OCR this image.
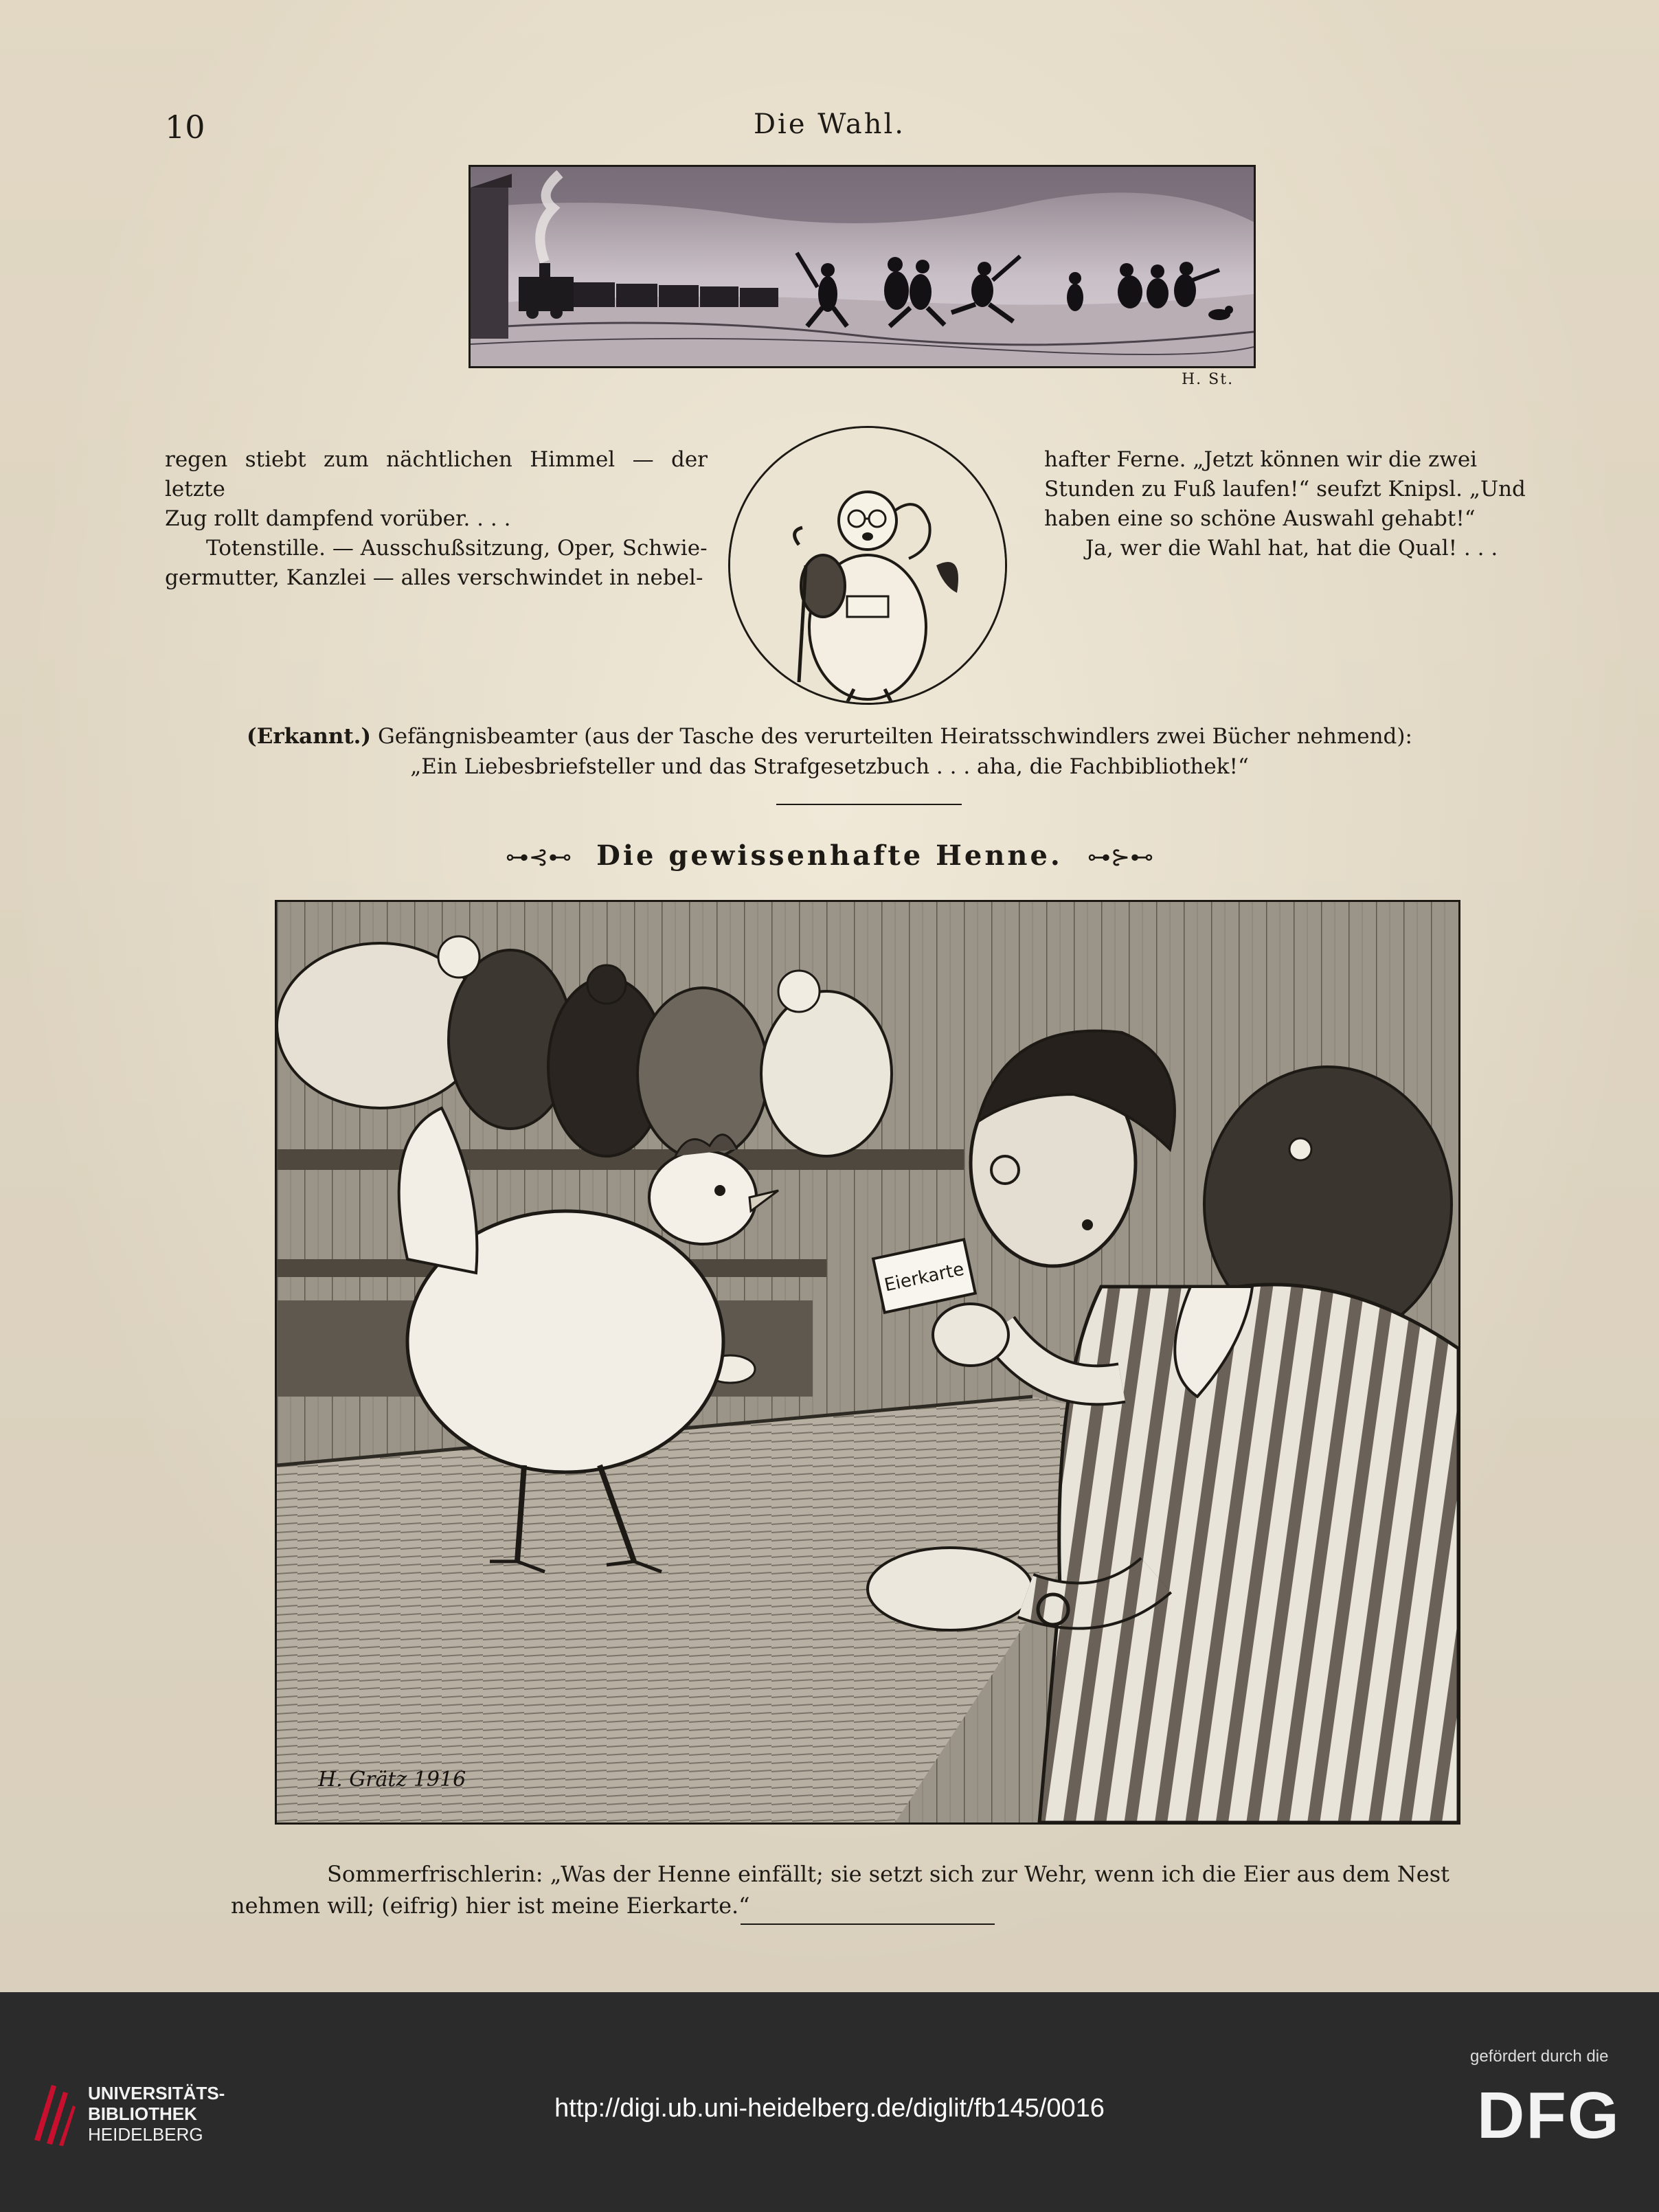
10	Die Wahl.
H. St.

regen stiebt zum nächtlichen Himmel — der letzte

Zug rollt dampfend vorüber. . . .

Totenstille. — Ausschußsitzung, Oper, Schwie-

germutter, Kanzlei — alles verschwindet in nebel-

hafter Ferne. „Jetzt können wir die zwei

Stunden zu Fuß laufen!“ seufzt Knipsl. „Und

haben eine so schöne Auswahl gehabt!“

Ja, wer die Wahl hat, hat die Qual! . . .

(Erkannt.) Gefängnisbeamter (aus der Tasche des verurteilten Heiratsschwindlers zwei Bücher nehmend):
„Ein Liebesbriefsteller und das Strafgesetzbuch . . . aha, die Fachbibliothek!“
⊶⊰⊷ Die gewissenhafte Henne. ⊶⊱⊷
Eierkarte
H. Grätz 1916

Sommerfrischlerin: „Was der Henne einfällt; sie setzt sich zur Wehr, wenn ich die Eier aus dem Nest

nehmen will; (eifrig) hier ist meine Eierkarte.“

UNIVERSITÄTS-
BIBLIOTHEK
HEIDELBERG
http://digi.ub.uni-heidelberg.de/diglit/fb145/0016
gefördert durch die
DFG
